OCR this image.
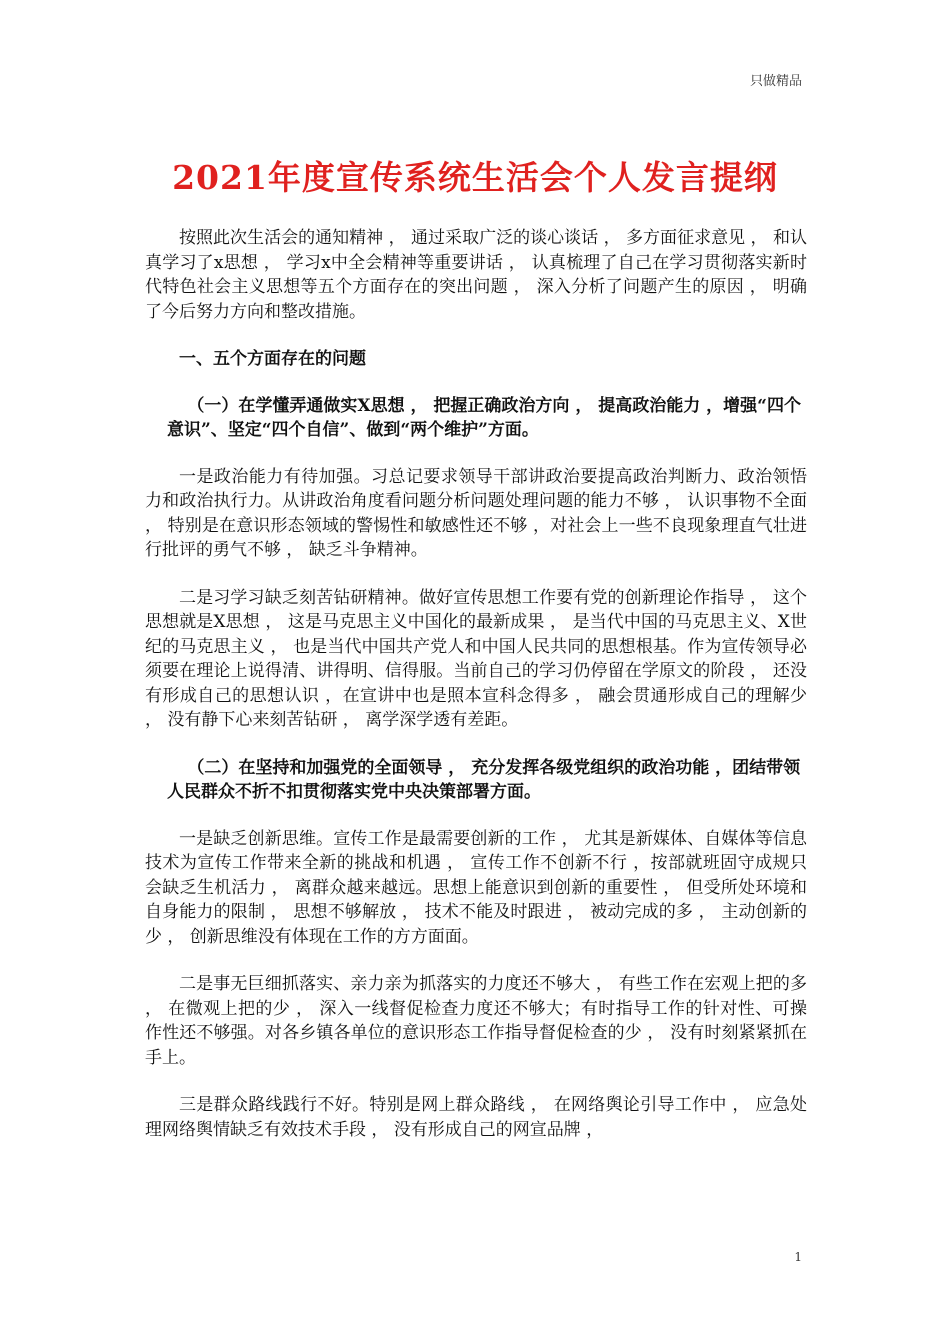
只做精品
2021年度宣传系统生活会个人发言提纲

按照此次生活会的通知精神 ， 通过采取广泛的谈心谈话 ， 多方面征求意见 ， 和认真学习了x思想 ， 学习x中全会精神等重要讲话 ， 认真梳理了自己在学习贯彻落实新时代特色社会主义思想等五个方面存在的突出问题 ， 深入分析了问题产生的原因 ， 明确了今后努力方向和整改措施。

一、五个方面存在的问题

（一）在学懂弄通做实X思想 ， 把握正确政治方向 ， 提高政治能力 ，增强“四个意识”、坚定“四个自信”、做到“两个维护”方面。

一是政治能力有待加强。习总记要求领导干部讲政治要提高政治判断力、政治领悟力和政治执行力。从讲政治角度看问题分析问题处理问题的能力不够 ， 认识事物不全面 ， 特别是在意识形态领域的警惕性和敏感性还不够 ，对社会上一些不良现象理直气壮进行批评的勇气不够 ， 缺乏斗争精神。

二是习学习缺乏刻苦钻研精神。做好宣传思想工作要有党的创新理论作指导 ， 这个思想就是X思想 ， 这是马克思主义中国化的最新成果 ， 是当代中国的马克思主义、X世纪的马克思主义 ， 也是当代中国共产党人和中国人民共同的思想根基。作为宣传领导必须要在理论上说得清、讲得明、信得服。当前自己的学习仍停留在学原文的阶段 ， 还没有形成自己的思想认识 ，在宣讲中也是照本宣科念得多 ， 融会贯通形成自己的理解少 ， 没有静下心来刻苦钻研 ， 离学深学透有差距。

（二）在坚持和加强党的全面领导 ， 充分发挥各级党组织的政治功能 ，团结带领人民群众不折不扣贯彻落实党中央决策部署方面。

一是缺乏创新思维。宣传工作是最需要创新的工作 ， 尤其是新媒体、自媒体等信息技术为宣传工作带来全新的挑战和机遇 ， 宣传工作不创新不行 ，按部就班固守成规只会缺乏生机活力 ， 离群众越来越远。思想上能意识到创新的重要性 ， 但受所处环境和自身能力的限制 ， 思想不够解放 ， 技术不能及时跟进 ， 被动完成的多 ， 主动创新的少 ， 创新思维没有体现在工作的方方面面。

二是事无巨细抓落实、亲力亲为抓落实的力度还不够大 ， 有些工作在宏观上把的多 ， 在微观上把的少 ， 深入一线督促检查力度还不够大；有时指导工作的针对性、可操作性还不够强。对各乡镇各单位的意识形态工作指导督促检查的少 ， 没有时刻紧紧抓在手上。

三是群众路线践行不好。特别是网上群众路线 ， 在网络舆论引导工作中 ， 应急处理网络舆情缺乏有效技术手段 ， 没有形成自己的网宣品牌 ，

1
